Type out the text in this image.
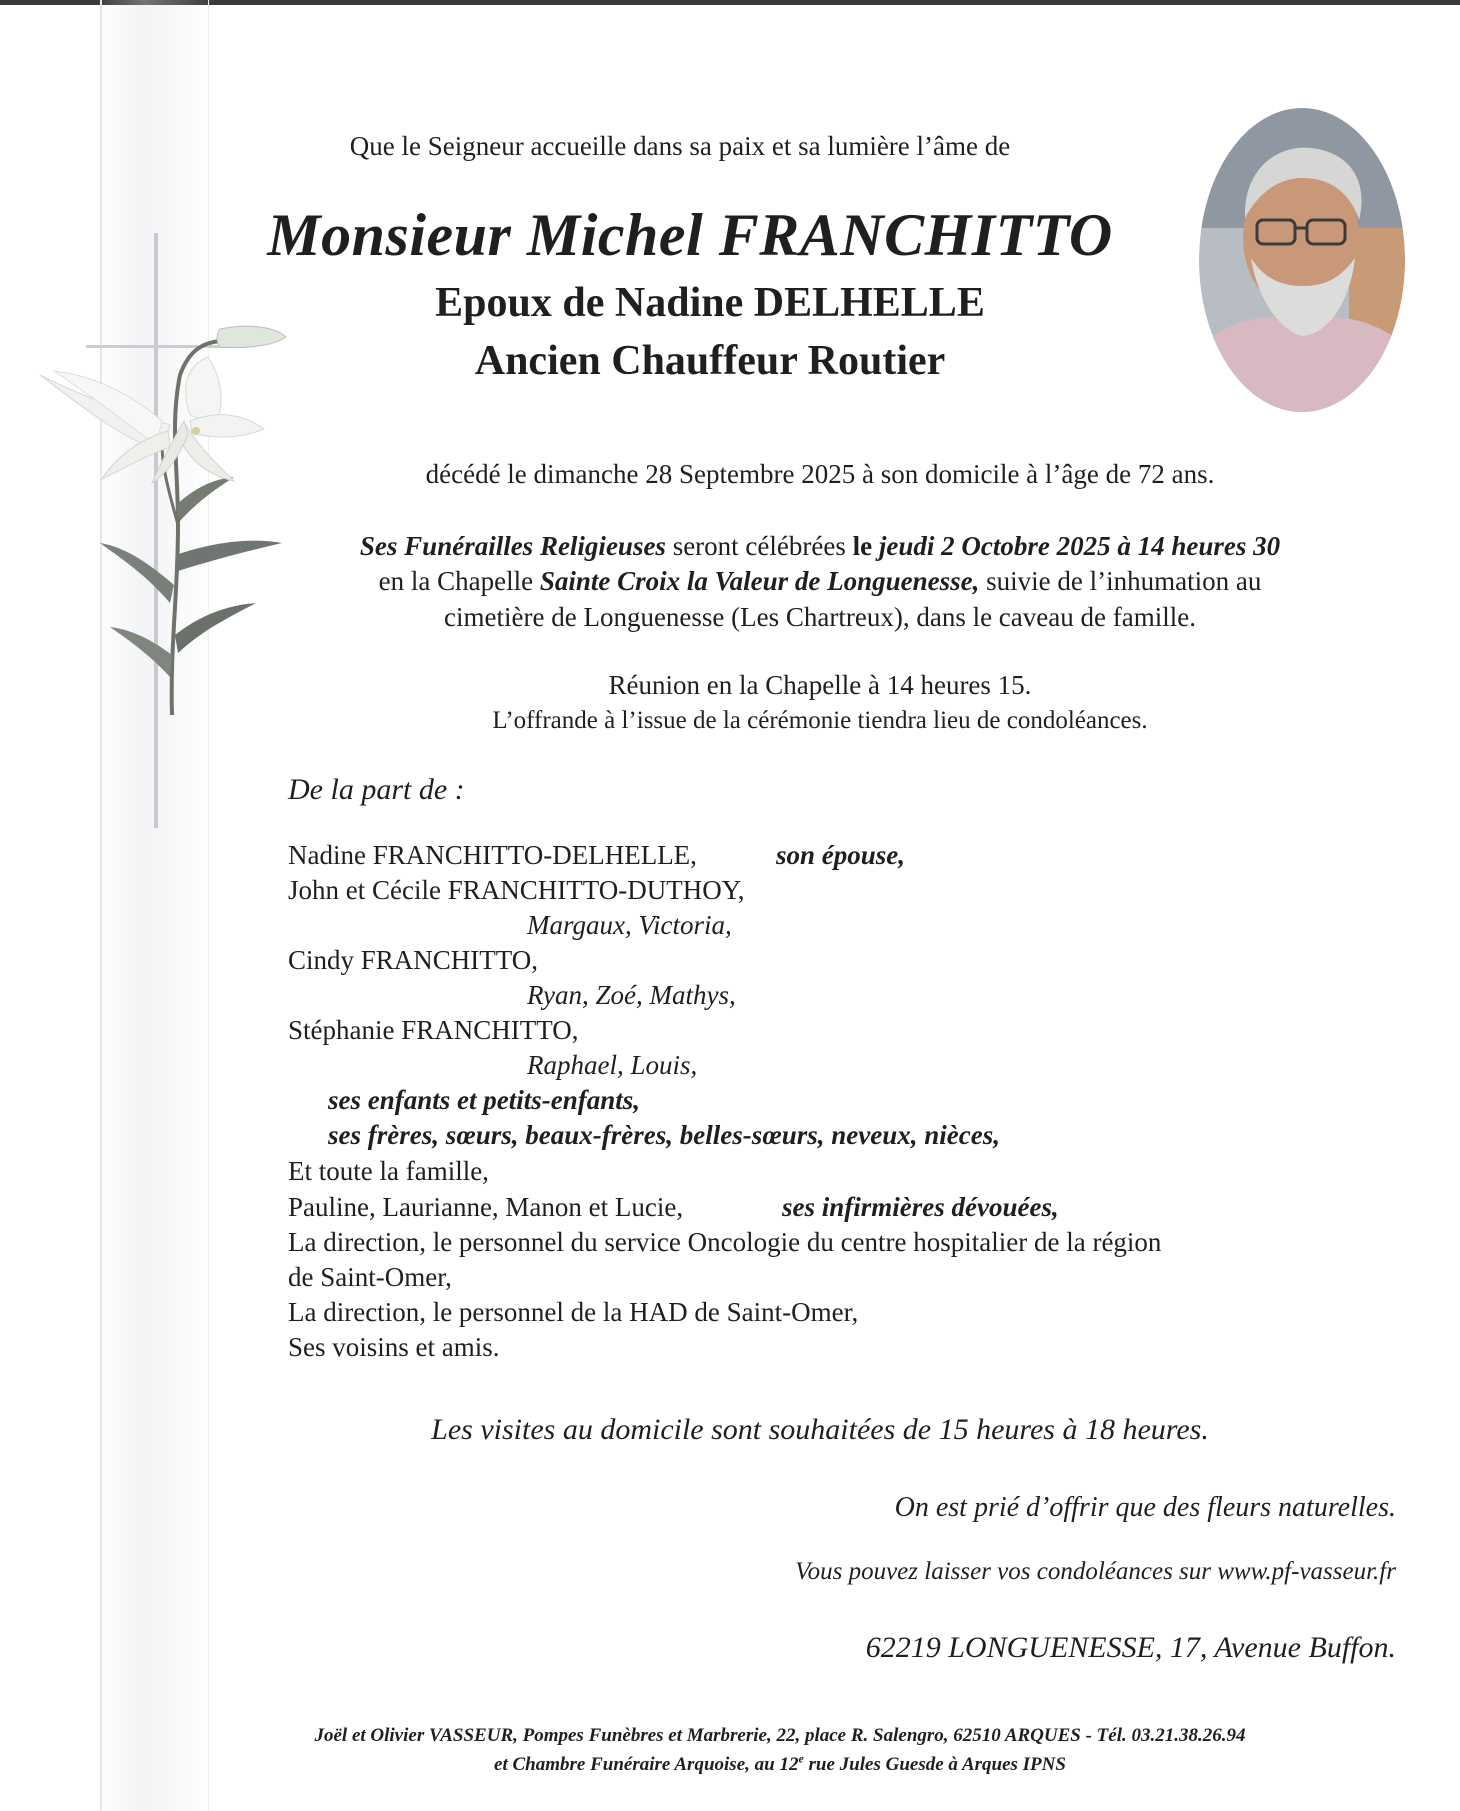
Que le Seigneur accueille dans sa paix et sa lumière l’âme de
Monsieur Michel FRANCHITTO
Epoux de Nadine DELHELLE
Ancien Chauffeur Routier
décédé le dimanche 28 Septembre 2025 à son domicile à l’âge de 72 ans.
Ses Funérailles Religieuses seront célébrées le jeudi 2 Octobre 2025 à 14 heures 30
en la Chapelle Sainte Croix la Valeur de Longuenesse, suivie de l’inhumation au
cimetière de Longuenesse (Les Chartreux), dans le caveau de famille.
Réunion en la Chapelle à 14 heures 15.
L’offrande à l’issue de la cérémonie tiendra lieu de condoléances.
De la part de :
Nadine FRANCHITTO-DELHELLE,	son épouse,
John et Cécile FRANCHITTO-DUTHOY,
Margaux, Victoria,
Cindy FRANCHITTO,
Ryan, Zoé, Mathys,
Stéphanie FRANCHITTO,
Raphael, Louis,
ses enfants et petits-enfants,
ses frères, sœurs, beaux-frères, belles-sœurs, neveux, nièces,
Et toute la famille,
Pauline, Laurianne, Manon et Lucie,	ses infirmières dévouées,
La direction, le personnel du service Oncologie du centre hospitalier de la région
de Saint-Omer,
La direction, le personnel de la HAD de Saint-Omer,
Ses voisins et amis.
Les visites au domicile sont souhaitées de 15 heures à 18 heures.
On est prié d’offrir que des fleurs naturelles.
Vous pouvez laisser vos condoléances sur www.pf-vasseur.fr
62219 LONGUENESSE, 17, Avenue Buffon.
Joël et Olivier VASSEUR, Pompes Funèbres et Marbrerie, 22, place R. Salengro, 62510 ARQUES - Tél. 03.21.38.26.94
et Chambre Funéraire Arquoise, au 12e rue Jules Guesde à Arques IPNS
